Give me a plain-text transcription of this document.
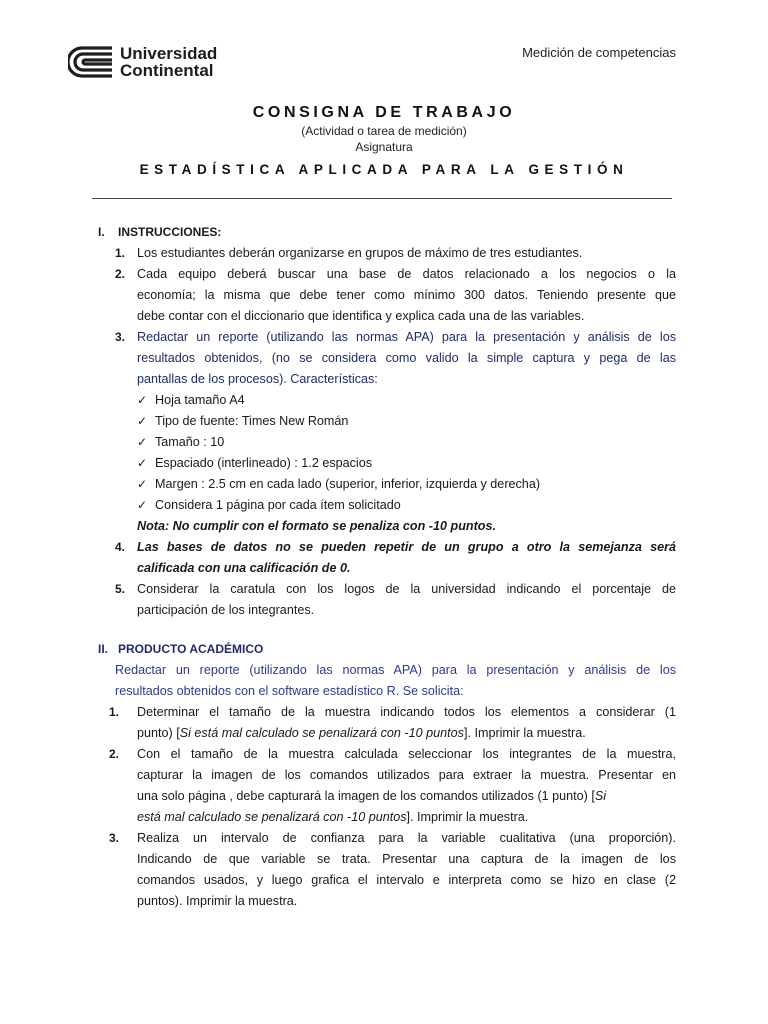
Universidad
Continental
Medición de competencias
CONSIGNA DE TRABAJO
(Actividad o tarea de medición)
Asignatura
ESTADÍSTICA APLICADA PARA LA GESTIÓN
I. INSTRUCCIONES:
1. Los estudiantes deberán organizarse en grupos de máximo de tres estudiantes.
2. Cada equipo deberá buscar una base de datos relacionado a los negocios o la
economía; la misma que debe tener como mínimo 300 datos. Teniendo presente que
debe contar con el diccionario que identifica y explica cada una de las variables.
3. Redactar un reporte (utilizando las normas APA) para la presentación y análisis de los
resultados obtenidos, (no se considera como valido la simple captura y pega de las
pantallas de los procesos). Características:
✓ Hoja tamaño A4
✓ Tipo de fuente: Times New Román
✓ Tamaño : 10
✓ Espaciado (interlineado) : 1.2 espacios
✓ Margen : 2.5 cm en cada lado (superior, inferior, izquierda y derecha)
✓ Considera 1 página por cada ítem solicitado
Nota: No cumplir con el formato se penaliza con -10 puntos.
4. Las bases de datos no se pueden repetir de un grupo a otro la semejanza será
calificada con una calificación de 0.
5. Considerar la caratula con los logos de la universidad indicando el porcentaje de
participación de los integrantes.
II. PRODUCTO ACADÉMICO
Redactar un reporte (utilizando las normas APA) para la presentación y análisis de los
resultados obtenidos con el software estadístico R. Se solicita:
1. Determinar el tamaño de la muestra indicando todos los elementos a considerar (1
punto) [Si está mal calculado se penalizará con -10 puntos]. Imprimir la muestra.
2. Con el tamaño de la muestra calculada seleccionar los integrantes de la muestra,
capturar la imagen de los comandos utilizados para extraer la muestra. Presentar en
una solo página , debe capturará la imagen de los comandos utilizados (1 punto) [Si
está mal calculado se penalizará con -10 puntos]. Imprimir la muestra.
3. Realiza un intervalo de confianza para la variable cualitativa (una proporción).
Indicando de que variable se trata. Presentar una captura de la imagen de los
comandos usados, y luego grafica el intervalo e interpreta como se hizo en clase (2
puntos). Imprimir la muestra.
